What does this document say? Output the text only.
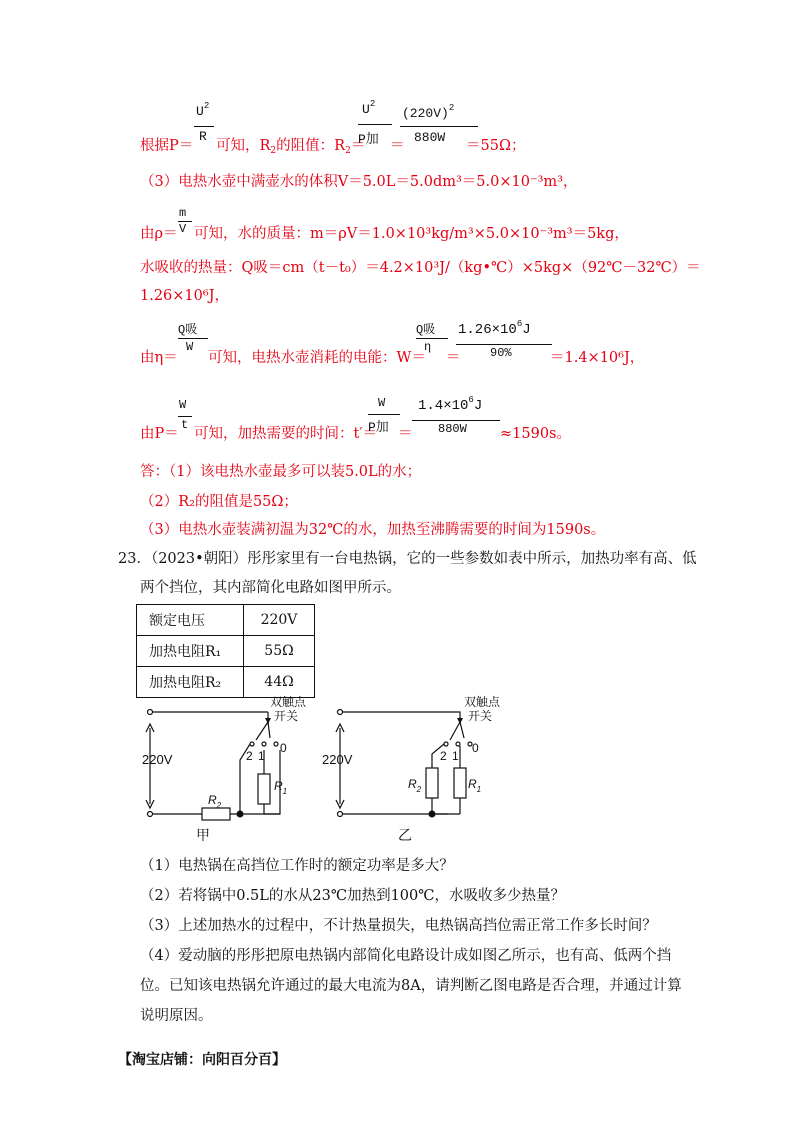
根据P＝
$U^2$
R
可知，$R_2$的阻值：$R_2=$
$U^2$
P加 ＝
$(220V)^2$
880W
＝55Ω；
（3）电热水壶中满壶水的体积V＝5.0L＝5.0dm³＝5.0×10⁻³m³，
由ρ＝
m
V 可知，水的质量：m＝ρV＝1.0×10³kg/m³×5.0×10⁻³m³＝5kg，
水吸收的热量：Q吸＝cm（t－t₀）＝4.2×10³J/（kg•℃）×5kg×（92℃－32℃）＝
1.26×10⁶J，
由η＝
Q吸
W
可知，电热水壶消耗的电能：W＝
Q吸
η
＝
$1.26\times 10^6J$
90%	＝1.4×10⁶J，
由P＝
W
t
可知，加热需要的时间：t′＝
W
P加 ＝
$1.4\times 10^6J$
880W ≈1590s。
答：（1）该电热水壶最多可以装5.0L的水；
（2）R₂的阻值是55Ω；
（3）电热水壶装满初温为32℃的水，加热至沸腾需要的时间为1590s。
23．（2023•朝阳）彤彤家里有一台电热锅，它的一些参数如表中所示，加热功率有高、低
两个挡位，其内部简化电路如图甲所示。
额定电压	220V
加热电阻R₁	55Ω
加热电阻R₂	44Ω
220V
双触点
开关
2 1
0
$R_1$
$R_2$
甲
220V
双触点
开关
2 1
0
$R_2$	$R_1$
乙
（1）电热锅在高挡位工作时的额定功率是多大？
（2）若将锅中0.5L的水从23℃加热到100℃，水吸收多少热量？
（3）上述加热水的过程中，不计热量损失，电热锅高挡位需正常工作多长时间？
（4）爱动脑的彤彤把原电热锅内部简化电路设计成如图乙所示，也有高、低两个挡
位。已知该电热锅允许通过的最大电流为8A，请判断乙图电路是否合理，并通过计算
说明原因。
【淘宝店铺：向阳百分百】
